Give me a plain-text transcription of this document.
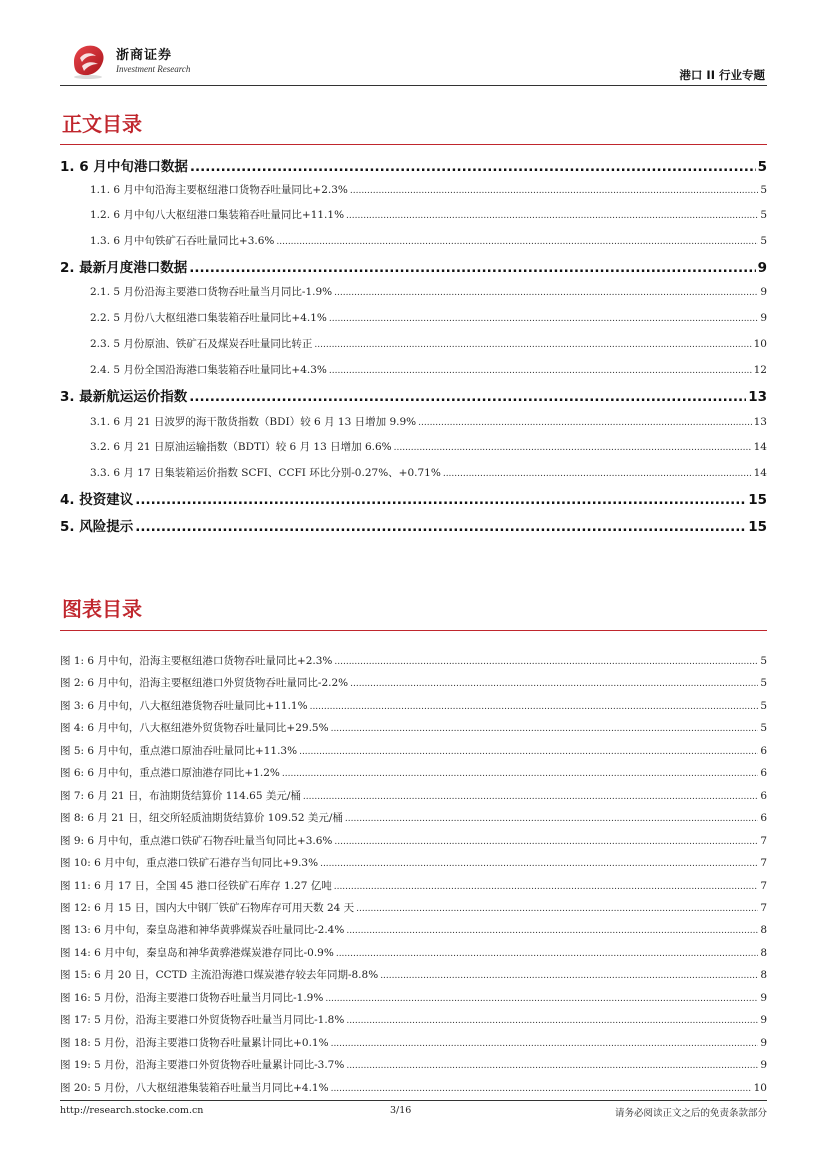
浙商证券
Investment Research	港口 II 行业专题
正文目录
1. 6 月中旬港口数据 .....	5
1.1. 6 月中旬沿海主要枢纽港口货物吞吐量同比+2.3% .....	5
1.2. 6 月中旬八大枢纽港口集装箱吞吐量同比+11.1% .....	5
1.3. 6 月中旬铁矿石吞吐量同比+3.6% .....	5
2. 最新月度港口数据 .....	9
2.1. 5 月份沿海主要港口货物吞吐量当月同比-1.9% .....	9
2.2. 5 月份八大枢纽港口集装箱吞吐量同比+4.1% .....	9
2.3. 5 月份原油、铁矿石及煤炭吞吐量同比转正 .....	10
2.4. 5 月份全国沿海港口集装箱吞吐量同比+4.3% .....	12
3. 最新航运运价指数 .....	13
3.1. 6 月 21 日波罗的海干散货指数（BDI）较 6 月 13 日增加 9.9% .....	13
3.2. 6 月 21 日原油运输指数（BDTI）较 6 月 13 日增加 6.6% .....	14
3.3. 6 月 17 日集装箱运价指数 SCFI、CCFI 环比分别-0.27%、+0.71% .....	14
4. 投资建议 .....	15
5. 风险提示 .....	15
图表目录
图 1: 6 月中旬，沿海主要枢纽港口货物吞吐量同比+2.3% .....	5
图 2: 6 月中旬，沿海主要枢纽港口外贸货物吞吐量同比-2.2% .....	5
图 3: 6 月中旬，八大枢纽港货物吞吐量同比+11.1% .....	5
图 4: 6 月中旬，八大枢纽港外贸货物吞吐量同比+29.5% .....	5
图 5: 6 月中旬，重点港口原油吞吐量同比+11.3% .....	6
图 6: 6 月中旬，重点港口原油港存同比+1.2% .....	6
图 7: 6 月 21 日，布油期货结算价 114.65 美元/桶 .....	6
图 8: 6 月 21 日，纽交所轻质油期货结算价 109.52 美元/桶 .....	6
图 9: 6 月中旬，重点港口铁矿石物吞吐量当旬同比+3.6% .....	7
图 10: 6 月中旬，重点港口铁矿石港存当旬同比+9.3% .....	7
图 11: 6 月 17 日，全国 45 港口径铁矿石库存 1.27 亿吨 .....	7
图 12: 6 月 15 日，国内大中钢厂铁矿石物库存可用天数 24 天 .....	7
图 13: 6 月中旬，秦皇岛港和神华黄骅煤炭吞吐量同比-2.4% .....	8
图 14: 6 月中旬，秦皇岛和神华黄骅港煤炭港存同比-0.9% .....	8
图 15: 6 月 20 日，CCTD 主流沿海港口煤炭港存较去年同期-8.8% .....	8
图 16: 5 月份，沿海主要港口货物吞吐量当月同比-1.9% .....	9
图 17: 5 月份，沿海主要港口外贸货物吞吐量当月同比-1.8% .....	9
图 18: 5 月份，沿海主要港口货物吞吐量累计同比+0.1% .....	9
图 19: 5 月份，沿海主要港口外贸货物吞吐量累计同比-3.7% .....	9
图 20: 5 月份，八大枢纽港集装箱吞吐量当月同比+4.1% .....	10
http://research.stocke.com.cn	3/16	请务必阅读正文之后的免责条款部分
